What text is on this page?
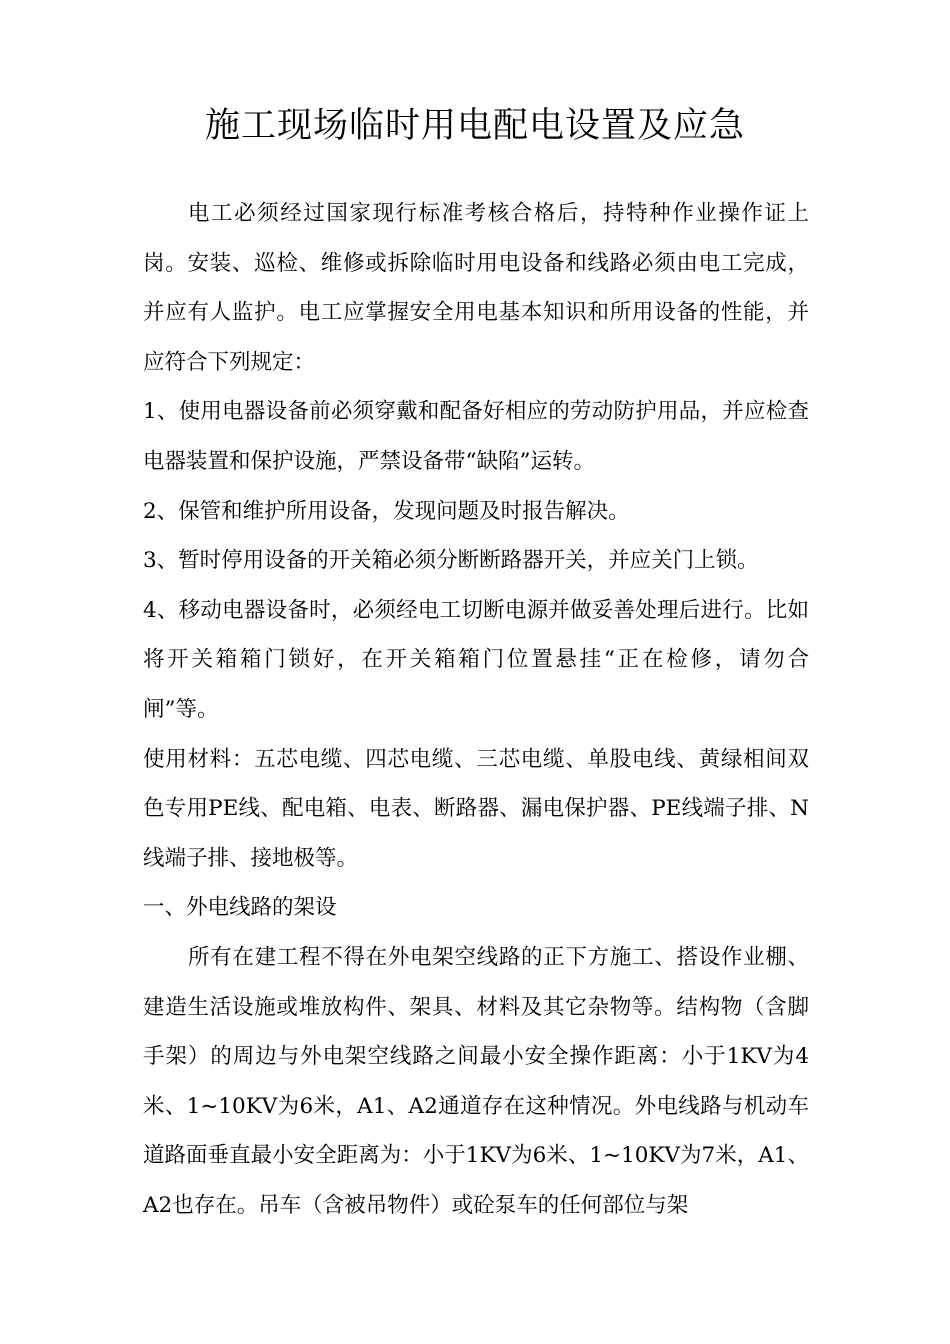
施工现场临时用电配电设置及应急

电工必须经过国家现行标准考核合格后，持特种作业操作证上岗。安装、巡检、维修或拆除临时用电设备和线路必须由电工完成，并应有人监护。电工应掌握安全用电基本知识和所用设备的性能，并应符合下列规定：

1、使用电器设备前必须穿戴和配备好相应的劳动防护用品，并应检查电器装置和保护设施，严禁设备带“缺陷”运转。

2、保管和维护所用设备，发现问题及时报告解决。

3、暂时停用设备的开关箱必须分断断路器开关，并应关门上锁。

4、移动电器设备时，必须经电工切断电源并做妥善处理后进行。比如将开关箱箱门锁好，在开关箱箱门位置悬挂“正在检修，请勿合闸”等。

使用材料：五芯电缆、四芯电缆、三芯电缆、单股电线、黄绿相间双色专用PE线、配电箱、电表、断路器、漏电保护器、PE线端子排、N线端子排、接地极等。

一、外电线路的架设

所有在建工程不得在外电架空线路的正下方施工、搭设作业棚、建造生活设施或堆放构件、架具、材料及其它杂物等。结构物（含脚手架）的周边与外电架空线路之间最小安全操作距离：小于1KV为4米、1~10KV为6米，A1、A2通道存在这种情况。外电线路与机动车道路面垂直最小安全距离为：小于1KV为6米、1~10KV为7米，A1、A2也存在。吊车（含被吊物件）或砼泵车的任何部位与架
